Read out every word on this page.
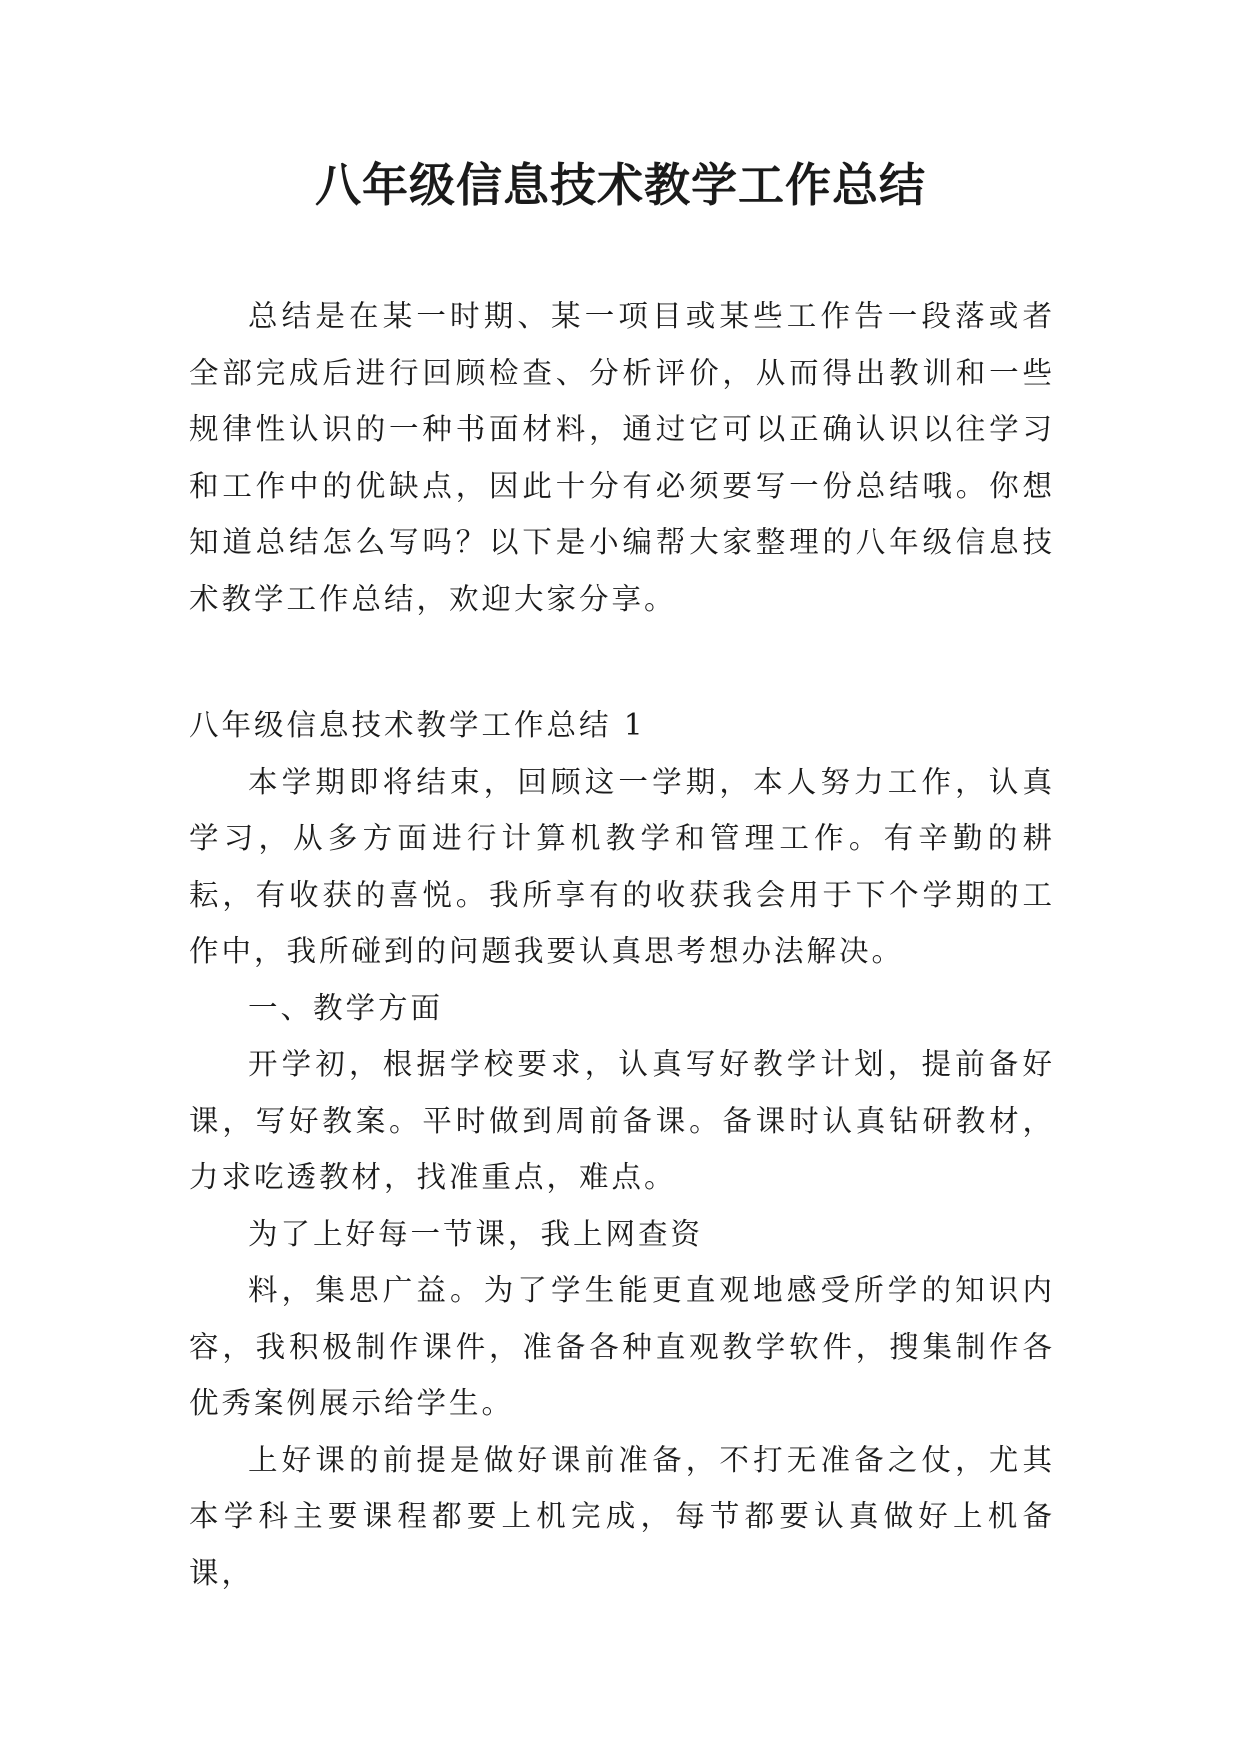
八年级信息技术教学工作总结

总结是在某一时期、某一项目或某些工作告一段落或者全部完成后进行回顾检查、分析评价，从而得出教训和一些规律性认识的一种书面材料，通过它可以正确认识以往学习和工作中的优缺点，因此十分有必须要写一份总结哦。你想知道总结怎么写吗？以下是小编帮大家整理的八年级信息技术教学工作总结，欢迎大家分享。

八年级信息技术教学工作总结 1

本学期即将结束，回顾这一学期，本人努力工作，认真学习，从多方面进行计算机教学和管理工作。有辛勤的耕耘，有收获的喜悦。我所享有的收获我会用于下个学期的工作中，我所碰到的问题我要认真思考想办法解决。

一、教学方面

开学初，根据学校要求，认真写好教学计划，提前备好课，写好教案。平时做到周前备课。备课时认真钻研教材，力求吃透教材，找准重点，难点。

为了上好每一节课，我上网查资

料，集思广益。为了学生能更直观地感受所学的知识内容，我积极制作课件，准备各种直观教学软件，搜集制作各优秀案例展示给学生。

上好课的前提是做好课前准备，不打无准备之仗，尤其本学科主要课程都要上机完成，每节都要认真做好上机备课，
